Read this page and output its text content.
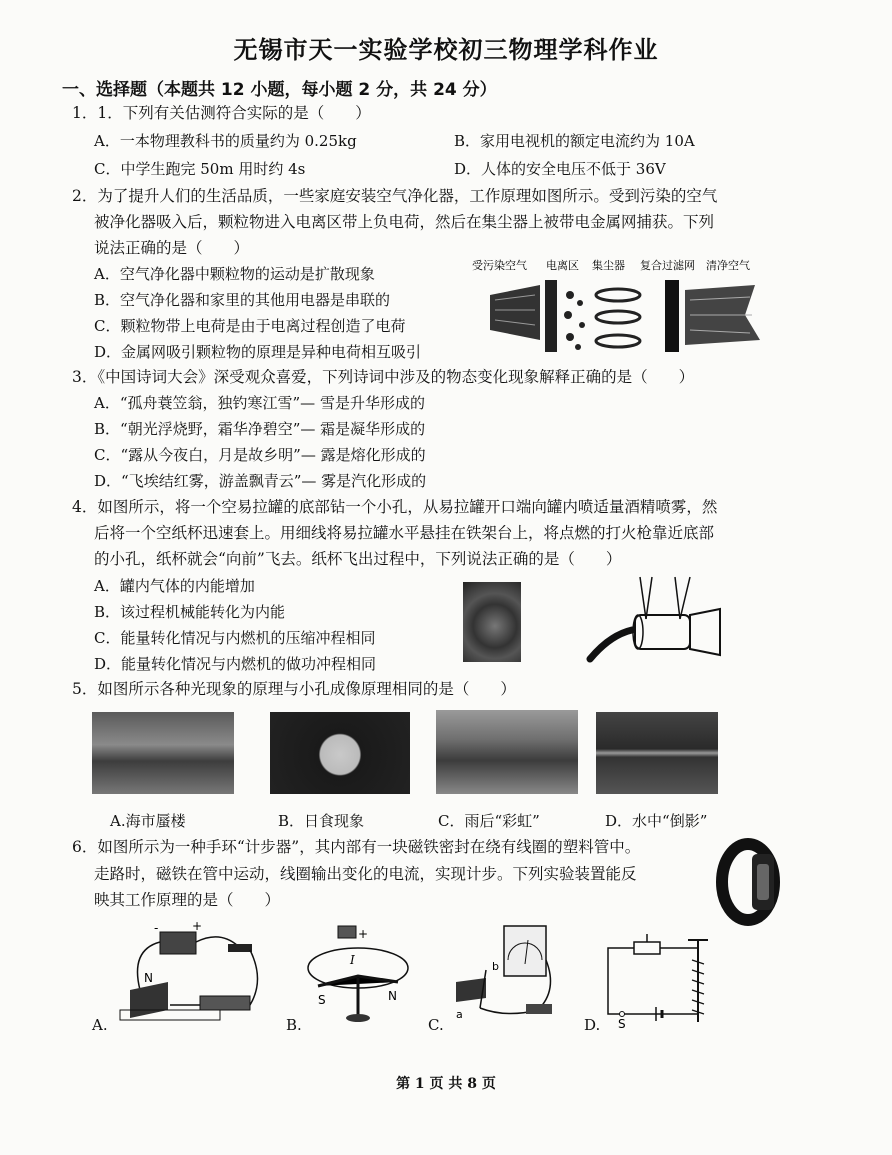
无锡市天一实验学校初三物理学科作业
一、选择题（本题共 12 小题，每小题 2 分，共 24 分）
1．1．下列有关估测符合实际的是（　　）
A．一本物理教科书的质量约为 0.25kg	B．家用电视机的额定电流约为 10A
C．中学生跑完 50m 用时约 4s	D．人体的安全电压不低于 36V
2．为了提升人们的生活品质，一些家庭安装空气净化器，工作原理如图所示。受到污染的空气
被净化器吸入后，颗粒物进入电离区带上负电荷，然后在集尘器上被带电金属网捕获。下列
说法正确的是（　　）
A．空气净化器中颗粒物的运动是扩散现象
B．空气净化器和家里的其他用电器是串联的
C．颗粒物带上电荷是由于电离过程创造了电荷
D．金属网吸引颗粒物的原理是异种电荷相互吸引
受污染空气 电离区 集尘器 复合过滤网 清净空气
3．《中国诗词大会》深受观众喜爱，下列诗词中涉及的物态变化现象解释正确的是（　　）
A．“孤舟蓑笠翁，独钓寒江雪”— 雪是升华形成的
B．“朝光浮烧野，霜华净碧空”— 霜是凝华形成的
C．“露从今夜白，月是故乡明”— 露是熔化形成的
D．“飞埃结红雾，游盖飘青云”— 雾是汽化形成的
4．如图所示，将一个空易拉罐的底部钻一个小孔，从易拉罐开口端向罐内喷适量酒精喷雾，然
后将一个空纸杯迅速套上。用细线将易拉罐水平悬挂在铁架台上，将点燃的打火枪靠近底部
的小孔，纸杯就会“向前”飞去。纸杯飞出过程中，下列说法正确的是（　　）
A．罐内气体的内能增加
B．该过程机械能转化为内能
C．能量转化情况与内燃机的压缩冲程相同
D．能量转化情况与内燃机的做功冲程相同
5．如图所示各种光现象的原理与小孔成像原理相同的是（　　）
A.海市蜃楼	B．日食现象	C．雨后“彩虹”	D．水中“倒影”
6．如图所示为一种手环“计步器”，其内部有一块磁铁密封在绕有线圈的塑料管中。
走路时，磁铁在管中运动，线圈输出变化的电流，实现计步。下列实验装置能反
映其工作原理的是（　　）
-	+
N
A.
+
I
S	N
B.
b
a
C.	S
D.
第 1 页 共 8 页
